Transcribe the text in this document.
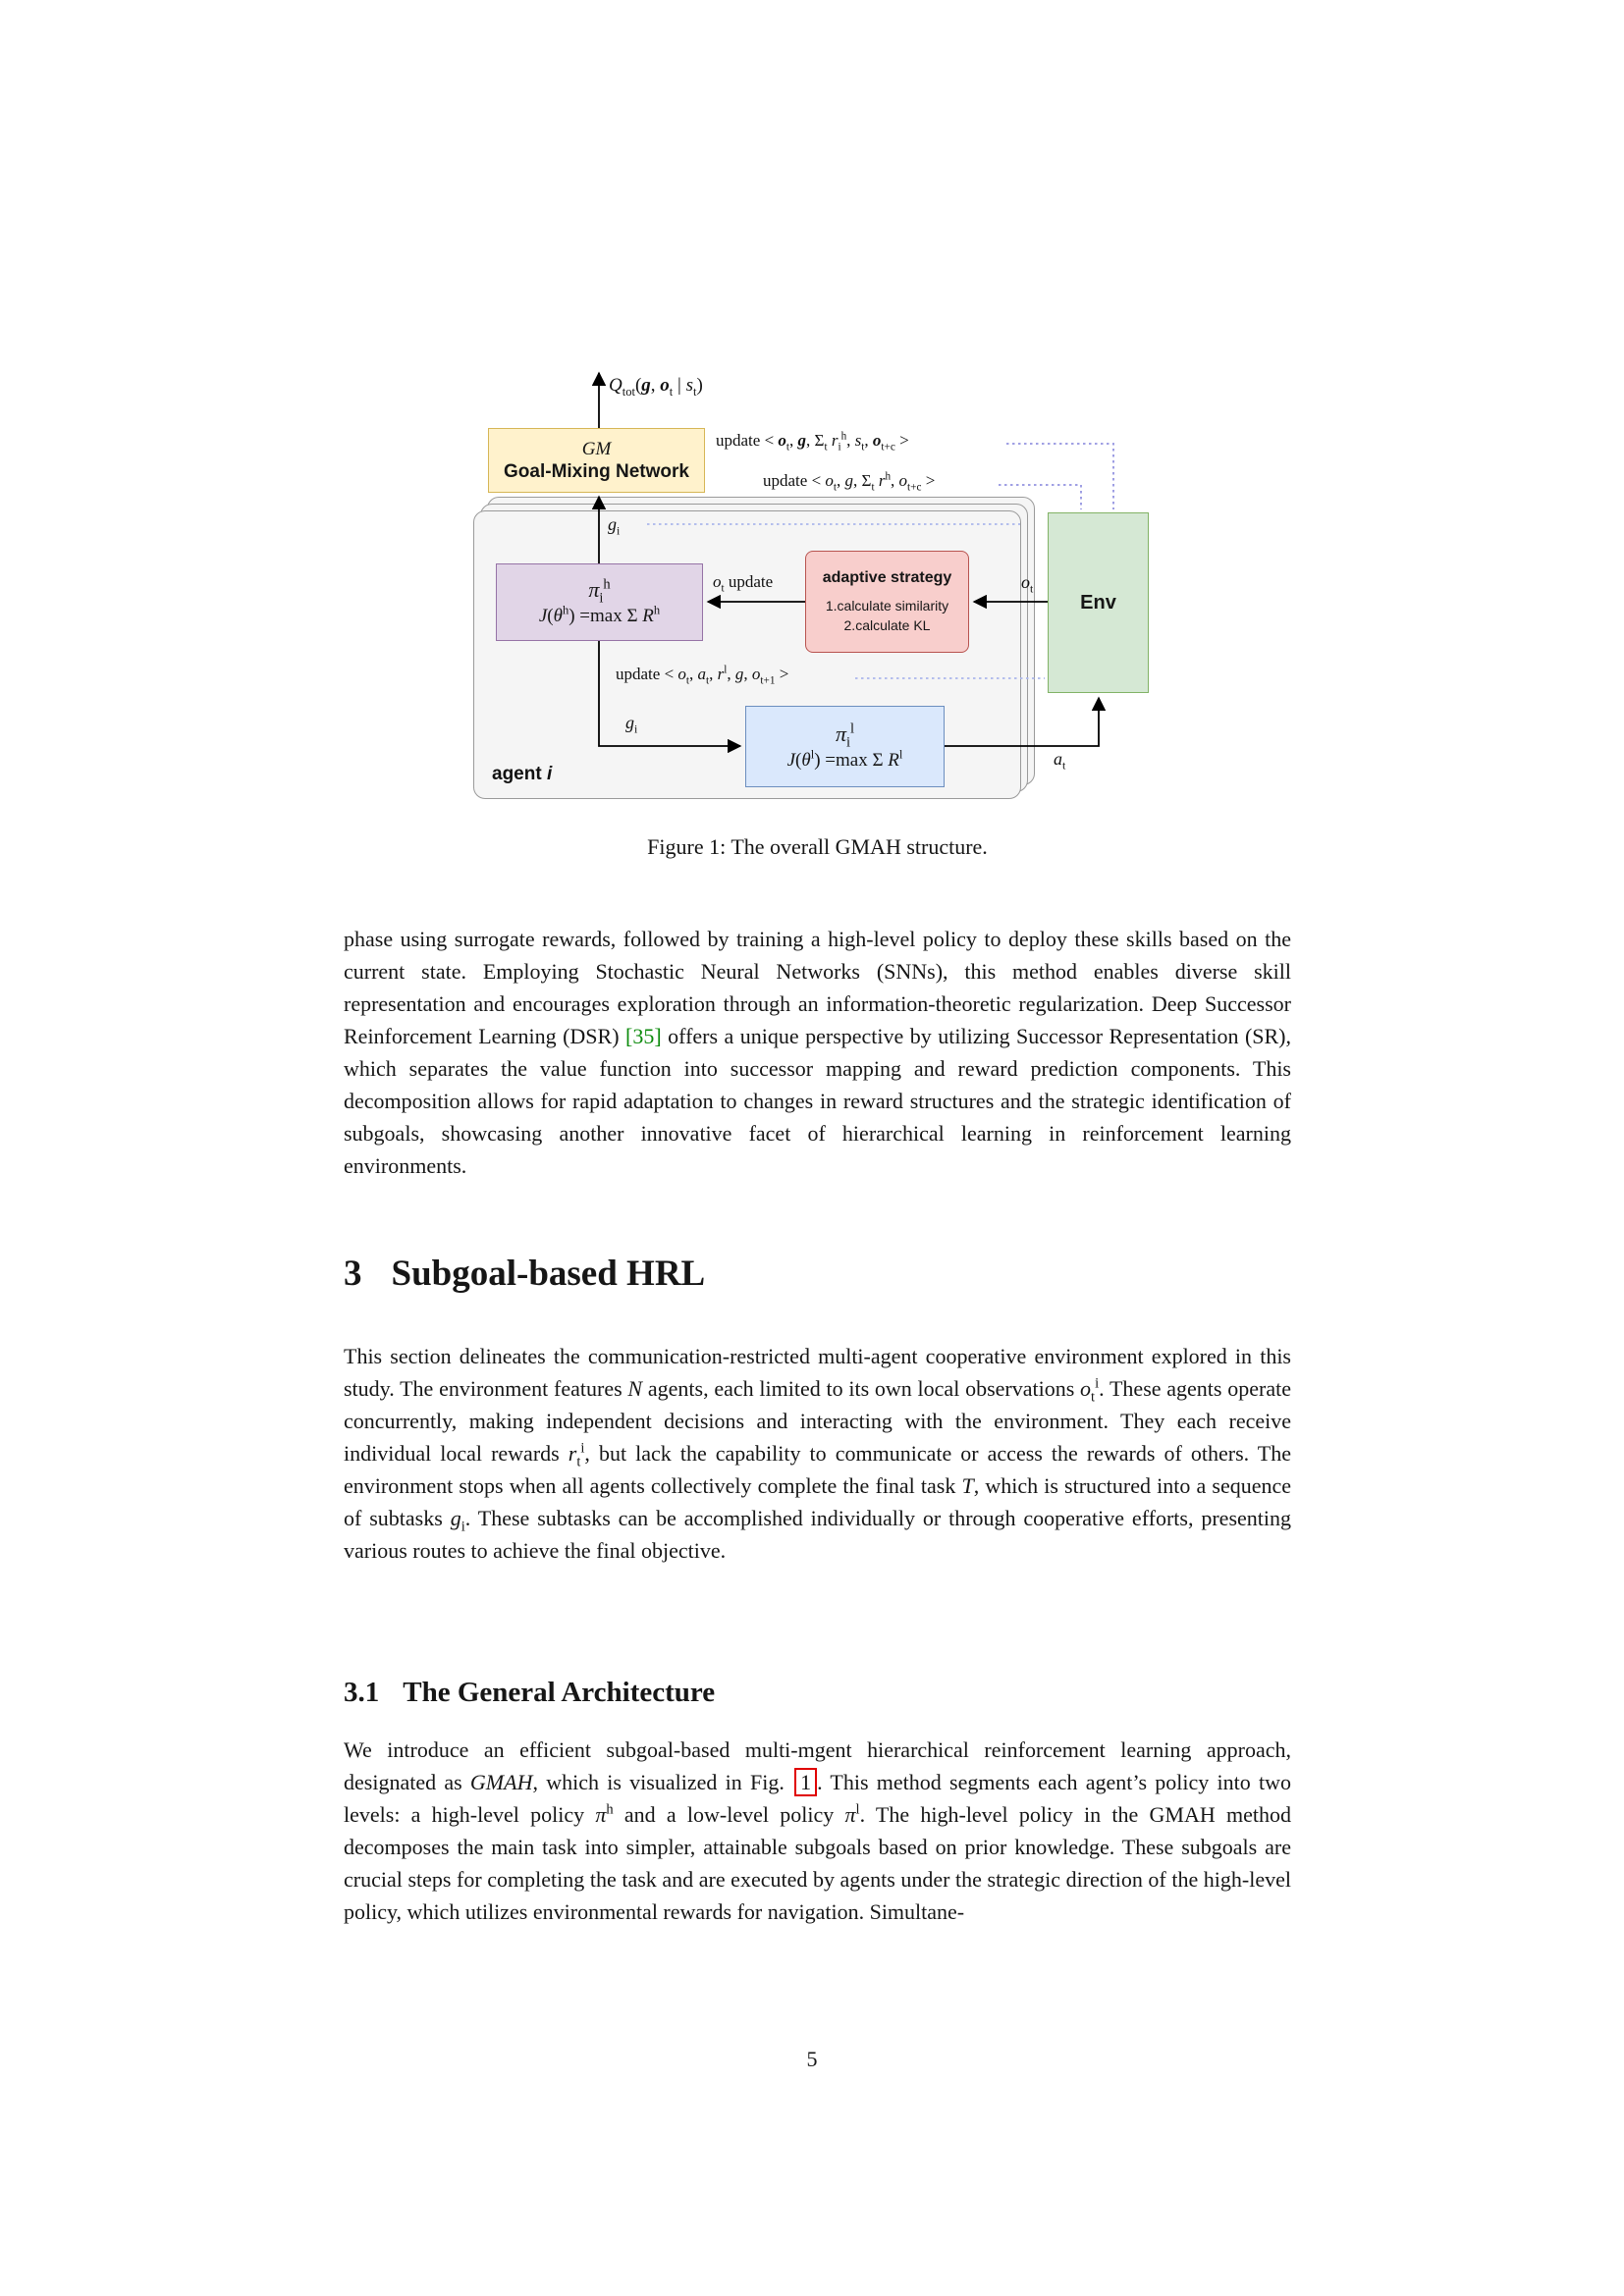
GM
Goal-Mixing Network
$\pi_i^h$
$J(\theta^h) =\max$ Σ $R^h$
adaptive strategy
1.calculate similarity
2.calculate KL
Env
$\pi_i^l$
$J(\theta^l) =\max$ Σ $R^l$
$Q_{tot}(g$, $o_t$ | $s_t$)
update < $o_t$, g, $\Sigma_t$ $r_i^h$, $s_t$, $o_{t+c}$ >
update < $o_t$, g, $\Sigma_t$ $r^h$, $o_{t+c}$ >
$g_i$
$o_t$ update	$o_t$
update < $o_t$, $a_t$, $r^l$, g, $o_{t+1}$ >
$g_i$
$a_t$
agent i
Figure 1: The overall GMAH structure.

phase using surrogate rewards, followed by training a high-level policy to deploy these skills based on the current state. Employing Stochastic Neural Networks (SNNs), this method enables diverse skill representation and encourages exploration through an information-theoretic regularization. Deep Successor Reinforcement Learning (DSR) [35] offers a unique perspective by utilizing Successor Representation (SR), which separates the value function into successor mapping and reward prediction components. This decomposition allows for rapid adaptation to changes in reward structures and the strategic identification of subgoals, showcasing another innovative facet of hierarchical learning in reinforcement learning environments.

3 Subgoal-based HRL

This section delineates the communication-restricted multi-agent cooperative environment explored in this study. The environment features N agents, each limited to its own local observations $o_t^i$. These agents operate concurrently, making independent decisions and interacting with the environment. They each receive individual local rewards $r_t^i$, but lack the capability to communicate or access the rewards of others. The environment stops when all agents collectively complete the final task T, which is structured into a sequence of subtasks $g_i$. These subtasks can be accomplished individually or through cooperative efforts, presenting various routes to achieve the final objective.

3.1 The General Architecture

We introduce an efficient subgoal-based multi-mgent hierarchical reinforcement learning approach, designated as GMAH, which is visualized in Fig. 1 . This method segments each agent’s policy into two levels: a high-level policy $\pi^h$ and a low-level policy $\pi^l$. The high-level policy in the GMAH method decomposes the main task into simpler, attainable subgoals based on prior knowledge. These subgoals are crucial steps for completing the task and are executed by agents under the strategic direction of the high-level policy, which utilizes environmental rewards for navigation. Simultane-

5
